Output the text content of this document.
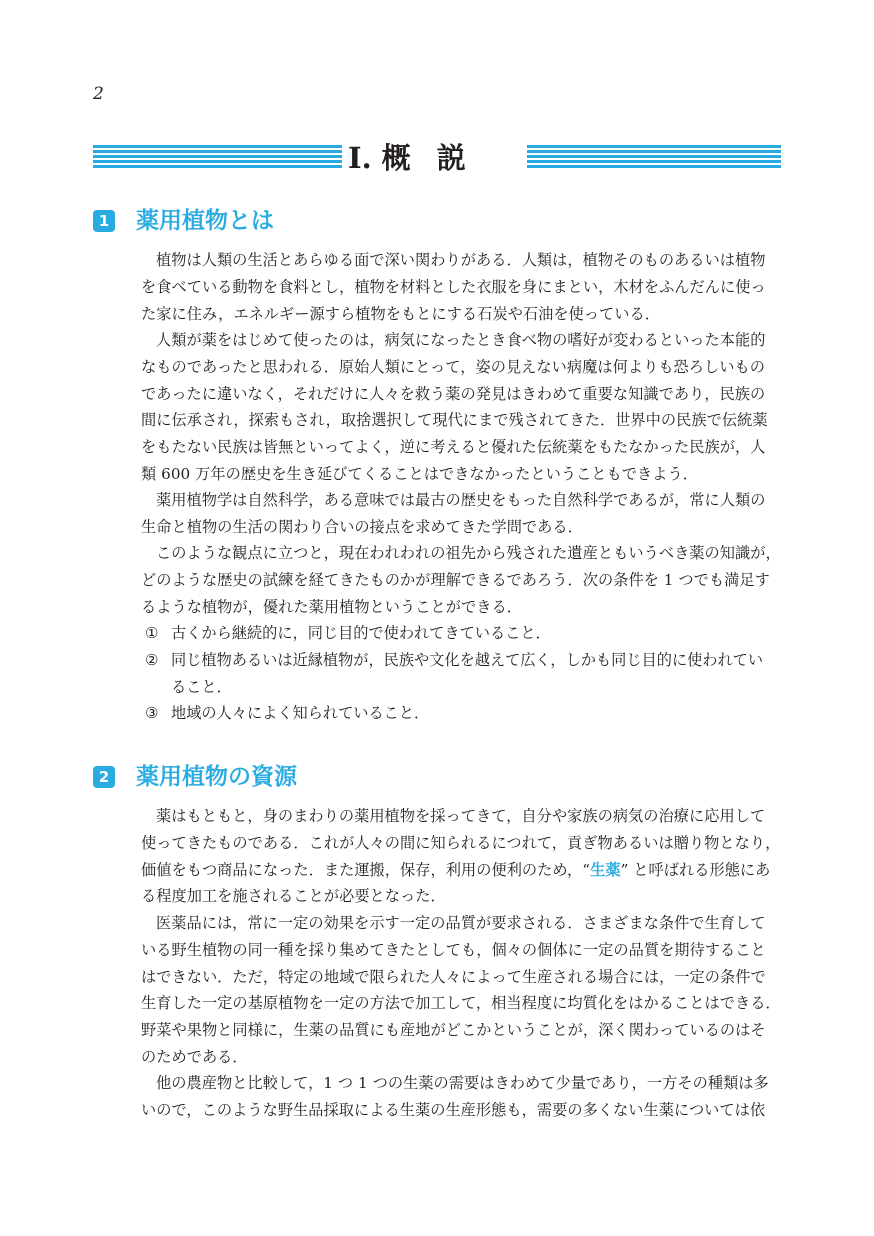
2
I. 概 説
1 薬用植物とは
植物は人類の生活とあらゆる面で深い関わりがある．人類は，植物そのものあるいは植物
を食べている動物を食料とし，植物を材料とした衣服を身にまとい，木材をふんだんに使っ
た家に住み，エネルギー源すら植物をもとにする石炭や石油を使っている．
人類が薬をはじめて使ったのは，病気になったとき食べ物の嗜好が変わるといった本能的
なものであったと思われる．原始人類にとって，姿の見えない病魔は何よりも恐ろしいもの
であったに違いなく，それだけに人々を救う薬の発見はきわめて重要な知識であり，民族の
間に伝承され，探索もされ，取捨選択して現代にまで残されてきた．世界中の民族で伝統薬
をもたない民族は皆無といってよく，逆に考えると優れた伝統薬をもたなかった民族が，人
類 600 万年の歴史を生き延びてくることはできなかったということもできよう．
薬用植物学は自然科学，ある意味では最古の歴史をもった自然科学であるが，常に人類の
生命と植物の生活の関わり合いの接点を求めてきた学問である．
このような観点に立つと，現在われわれの祖先から残された遺産ともいうべき薬の知識が，
どのような歴史の試練を経てきたものかが理解できるであろう．次の条件を 1 つでも満足す
るような植物が，優れた薬用植物ということができる．
① 古くから継続的に，同じ目的で使われてきていること．
② 同じ植物あるいは近縁植物が，民族や文化を越えて広く，しかも同じ目的に使われてい
ること．
③ 地域の人々によく知られていること．
2 薬用植物の資源
薬はもともと，身のまわりの薬用植物を採ってきて，自分や家族の病気の治療に応用して
使ってきたものである．これが人々の間に知られるにつれて，貢ぎ物あるいは贈り物となり，
価値をもつ商品になった．また運搬，保存，利用の便利のため，“生薬” と呼ばれる形態にあ
る程度加工を施されることが必要となった．
医薬品には，常に一定の効果を示す一定の品質が要求される．さまざまな条件で生育して
いる野生植物の同一種を採り集めてきたとしても，個々の個体に一定の品質を期待すること
はできない．ただ，特定の地域で限られた人々によって生産される場合には，一定の条件で
生育した一定の基原植物を一定の方法で加工して，相当程度に均質化をはかることはできる．
野菜や果物と同様に，生薬の品質にも産地がどこかということが，深く関わっているのはそ
のためである．
他の農産物と比較して，1 つ 1 つの生薬の需要はきわめて少量であり，一方その種類は多
いので，このような野生品採取による生薬の生産形態も，需要の多くない生薬については依
